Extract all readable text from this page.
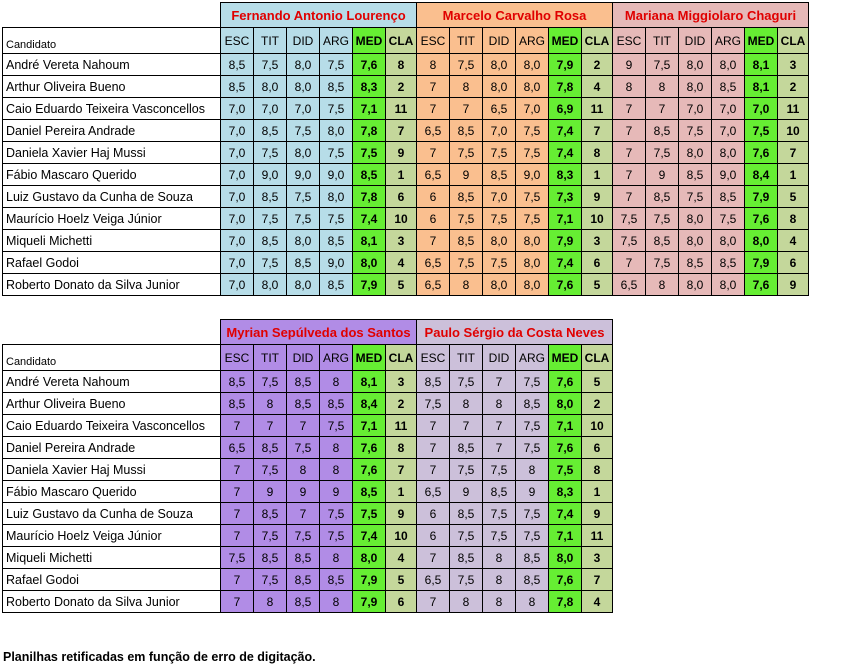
	Fernando Antonio Lourenço						Marcelo Carvalho Rosa						Mariana Miggiolaro Chaguri					
Candidato	ESC	TIT	DID	ARG	MED	CLA	ESC	TIT	DID	ARG	MED	CLA	ESC	TIT	DID	ARG	MED	CLA
André Vereta Nahoum	8,5	7,5	8,0	7,5	7,6	8	8	7,5	8,0	8,0	7,9	2	9	7,5	8,0	8,0	8,1	3
Arthur Oliveira Bueno	8,5	8,0	8,0	8,5	8,3	2	7	8	8,0	8,0	7,8	4	8	8	8,0	8,5	8,1	2
Caio Eduardo Teixeira Vasconcellos	7,0	7,0	7,0	7,5	7,1	11	7	7	6,5	7,0	6,9	11	7	7	7,0	7,0	7,0	11
Daniel Pereira Andrade	7,0	8,5	7,5	8,0	7,8	7	6,5	8,5	7,0	7,5	7,4	7	7	8,5	7,5	7,0	7,5	10
Daniela Xavier Haj Mussi	7,0	7,5	8,0	7,5	7,5	9	7	7,5	7,5	7,5	7,4	8	7	7,5	8,0	8,0	7,6	7
Fábio Mascaro Querido	7,0	9,0	9,0	9,0	8,5	1	6,5	9	8,5	9,0	8,3	1	7	9	8,5	9,0	8,4	1
Luiz Gustavo da Cunha de Souza	7,0	8,5	7,5	8,0	7,8	6	6	8,5	7,0	7,5	7,3	9	7	8,5	7,5	8,5	7,9	5
Maurício Hoelz Veiga Júnior	7,0	7,5	7,5	7,5	7,4	10	6	7,5	7,5	7,5	7,1	10	7,5	7,5	8,0	7,5	7,6	8
Miqueli Michetti	7,0	8,5	8,0	8,5	8,1	3	7	8,5	8,0	8,0	7,9	3	7,5	8,5	8,0	8,0	8,0	4
Rafael Godoi	7,0	7,5	8,5	9,0	8,0	4	6,5	7,5	7,5	8,0	7,4	6	7	7,5	8,5	8,5	7,9	6
Roberto Donato da Silva Junior	7,0	8,0	8,0	8,5	7,9	5	6,5	8	8,0	8,0	7,6	5	6,5	8	8,0	8,0	7,6	9
	Myrian Sepúlveda dos Santos						Paulo Sérgio da Costa Neves					
Candidato	ESC	TIT	DID	ARG	MED	CLA	ESC	TIT	DID	ARG	MED	CLA
André Vereta Nahoum	8,5	7,5	8,5	8	8,1	3	8,5	7,5	7	7,5	7,6	5
Arthur Oliveira Bueno	8,5	8	8,5	8,5	8,4	2	7,5	8	8	8,5	8,0	2
Caio Eduardo Teixeira Vasconcellos	7	7	7	7,5	7,1	11	7	7	7	7,5	7,1	10
Daniel Pereira Andrade	6,5	8,5	7,5	8	7,6	8	7	8,5	7	7,5	7,6	6
Daniela Xavier Haj Mussi	7	7,5	8	8	7,6	7	7	7,5	7,5	8	7,5	8
Fábio Mascaro Querido	7	9	9	9	8,5	1	6,5	9	8,5	9	8,3	1
Luiz Gustavo da Cunha de Souza	7	8,5	7	7,5	7,5	9	6	8,5	7,5	7,5	7,4	9
Maurício Hoelz Veiga Júnior	7	7,5	7,5	7,5	7,4	10	6	7,5	7,5	7,5	7,1	11
Miqueli Michetti	7,5	8,5	8,5	8	8,0	4	7	8,5	8	8,5	8,0	3
Rafael Godoi	7	7,5	8,5	8,5	7,9	5	6,5	7,5	8	8,5	7,6	7
Roberto Donato da Silva Junior	7	8	8,5	8	7,9	6	7	8	8	8	7,8	4
Planilhas retificadas em função de erro de digitação.
